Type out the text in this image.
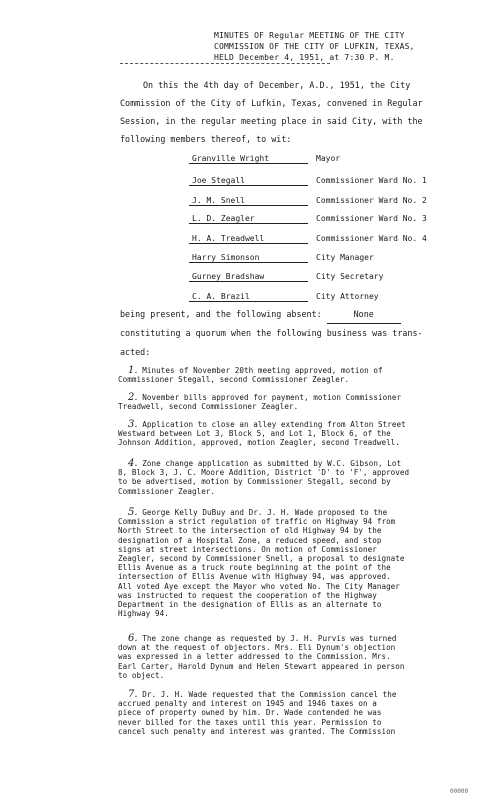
MINUTES OF Regular MEETING OF THE CITY
COMMISSION OF THE CITY OF LUFKIN, TEXAS,
HELD December 4, 1951, at 7:30 P. M.
On this the 4th day of December, A.D., 1951, the City
Commission of the City of Lufkin, Texas, convened in Regular
Session, in the regular meeting place in said City, with the
following members thereof, to wit:
Granville Wright	Mayor
Joe Stegall	Commissioner Ward No. 1
J. M. Snell	Commissioner Ward No. 2
L. D. Zeagler	Commissioner Ward No. 3
H. A. Treadwell	Commissioner Ward No. 4
Harry Simonson	City Manager
Gurney Bradshaw	City Secretary
C. A. Brazil	City Attorney
being present, and the following absent:	None
constituting a quorum when the following business was trans-
acted:
1. Minutes of November 20th meeting approved, motion of
Commissioner Stegall, second Commissioner Zeagler.
2. November bills approved for payment, motion Commissioner
Treadwell, second Commissioner Zeagler.
3. Application to close an alley extending from Alton Street
Westward between Lot 3, Block 5, and Lot 1, Block 6, of the
Johnson Addition, approved, motion Zeagler, second Treadwell.
4. Zone change application as submitted by W.C. Gibson, Lot
8, Block 3, J. C. Moore Addition, District 'D' to 'F', approved
to be advertised, motion by Commissioner Stegall, second by
Commissioner Zeagler.
5. George Kelly DuBuy and Dr. J. H. Wade proposed to the
Commission a strict regulation of traffic on Highway 94 from
North Street to the intersection of old Highway 94 by the
designation of a Hospital Zone, a reduced speed, and stop
signs at street intersections. On motion of Commissioner
Zeagler, second by Commissioner Snell, a proposal to designate
Ellis Avenue as a truck route beginning at the point of the
intersection of Ellis Avenue with Highway 94, was approved.
All voted Aye except the Mayor who voted No. The City Manager
was instructed to request the cooperation of the Highway
Department in the designation of Ellis as an alternate to
Highway 94.
6. The zone change as requested by J. H. Purvis was turned
down at the request of objectors. Mrs. Eli Dynum's objection
was expressed in a letter addressed to the Commission. Mrs.
Earl Carter, Harold Dynum and Helen Stewart appeared in person
to object.
7. Dr. J. H. Wade requested that the Commission cancel the
accrued penalty and interest on 1945 and 1946 taxes on a
piece of property owned by him. Dr. Wade contended he was
never billed for the taxes until this year. Permission to
cancel such penalty and interest was granted. The Commission
00000
